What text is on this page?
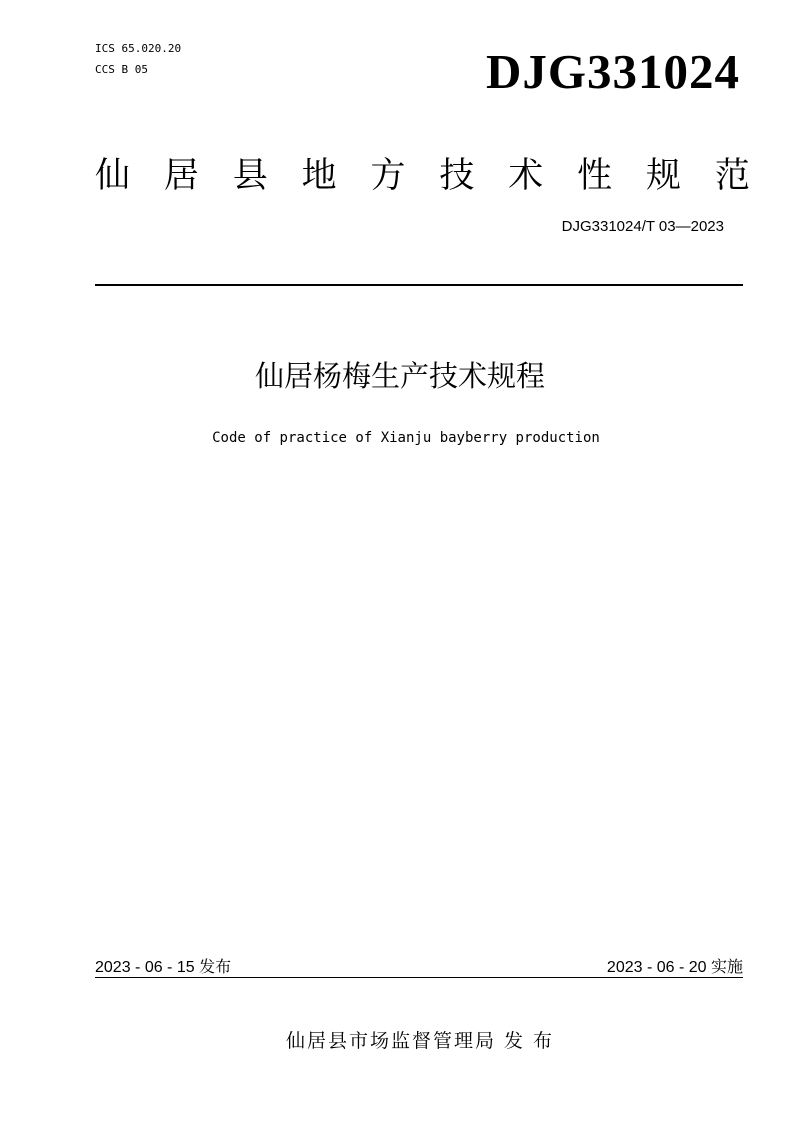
ICS 65.020.20
CCS B 05	DJG331024
仙 居 县 地 方 技 术 性 规 范
DJG331024/T 03—2023
仙居杨梅生产技术规程
Code of practice of Xianju bayberry production
2023 - 06 - 15 发布	2023 - 06 - 20 实施
仙居县市场监督管理局 发 布
